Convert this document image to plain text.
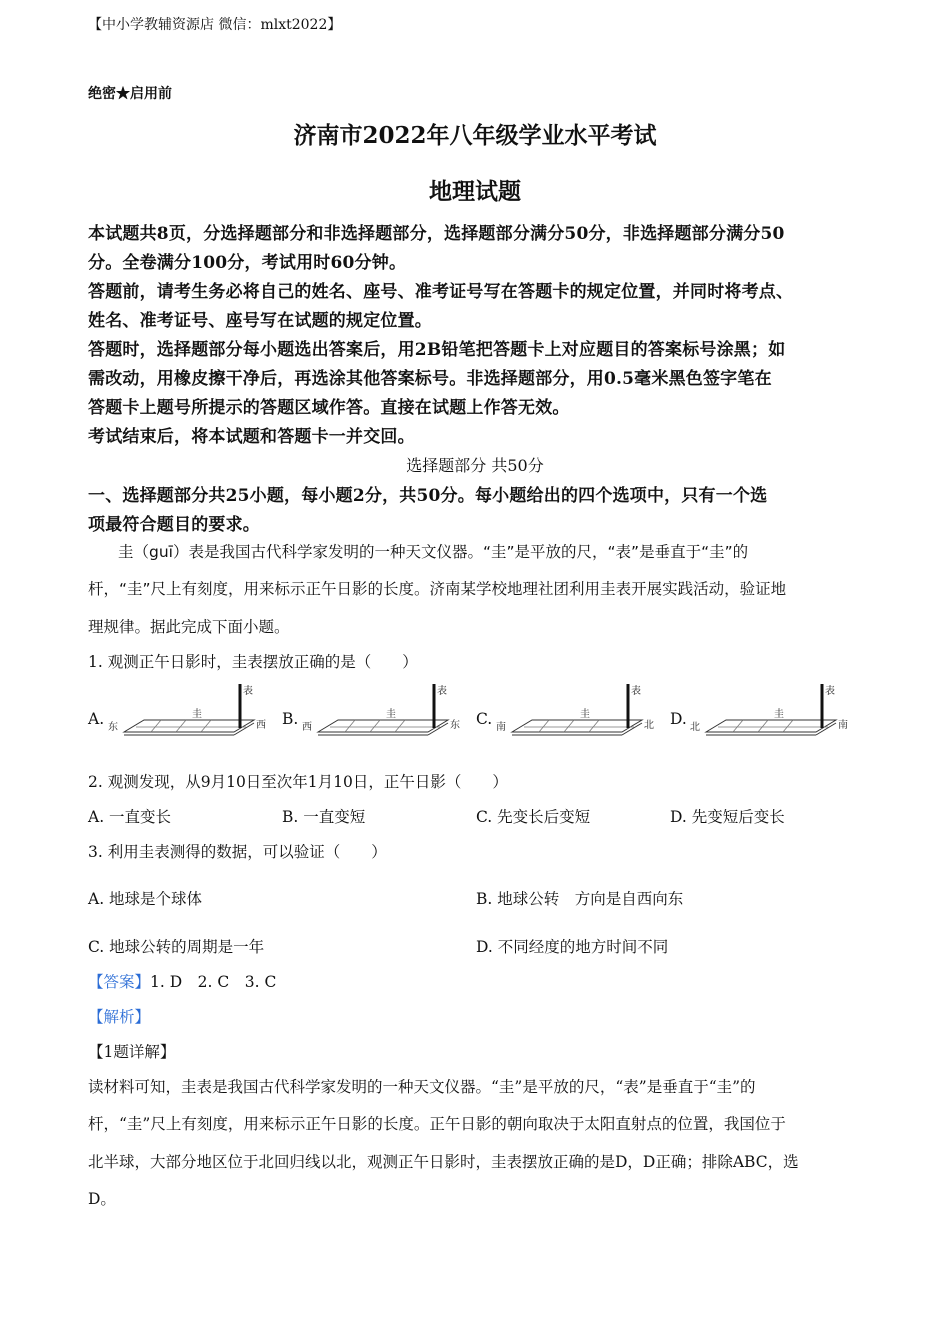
【中小学教辅资源店 微信：mlxt2022】
绝密★启用前
济南市2022年八年级学业水平考试
地理试题
本试题共8页，分选择题部分和非选择题部分，选择题部分满分50分，非选择题部分满分50
分。全卷满分100分，考试用时60分钟。
答题前，请考生务必将自己的姓名、座号、准考证号写在答题卡的规定位置，并同时将考点、
姓名、准考证号、座号写在试题的规定位置。
答题时，选择题部分每小题选出答案后，用2B铅笔把答题卡上对应题目的答案标号涂黑；如
需改动，用橡皮擦干净后，再选涂其他答案标号。非选择题部分，用0.5毫米黑色签字笔在
答题卡上题号所提示的答题区域作答。直接在试题上作答无效。
考试结束后，将本试题和答题卡一并交回。
选择题部分 共50分
一、选择题部分共25小题，每小题2分，共50分。每小题给出的四个选项中，只有一个选
项最符合题目的要求。
圭（guī）表是我国古代科学家发明的一种天文仪器。“圭”是平放的尺，“表”是垂直于“圭”的
杆，“圭”尺上有刻度，用来标示正午日影的长度。济南某学校地理社团利用圭表开展实践活动，验证地
理规律。据此完成下面小题。
1. 观测正午日影时，圭表摆放正确的是（　　）
A.
表
圭
东	西 B.
表
圭
西	东 C.
表
圭
南	北 D.
表
圭
北	南
2. 观测发现，从9月10日至次年1月10日，正午日影（　　）
A. 一直变长	B. 一直变短	C. 先变长后变短	D. 先变短后变长
3. 利用圭表测得的数据，可以验证（　　）
A. 地球是个球体	B. 地球公转　方向是自西向东
C. 地球公转的周期是一年	D. 不同经度的地方时间不同
【答案】1. D　2. C　3. C
【解析】
【1题详解】
读材料可知，圭表是我国古代科学家发明的一种天文仪器。“圭”是平放的尺，“表”是垂直于“圭”的
杆，“圭”尺上有刻度，用来标示正午日影的长度。正午日影的朝向取决于太阳直射点的位置，我国位于
北半球，大部分地区位于北回归线以北，观测正午日影时，圭表摆放正确的是D，D正确；排除ABC，选
D。
